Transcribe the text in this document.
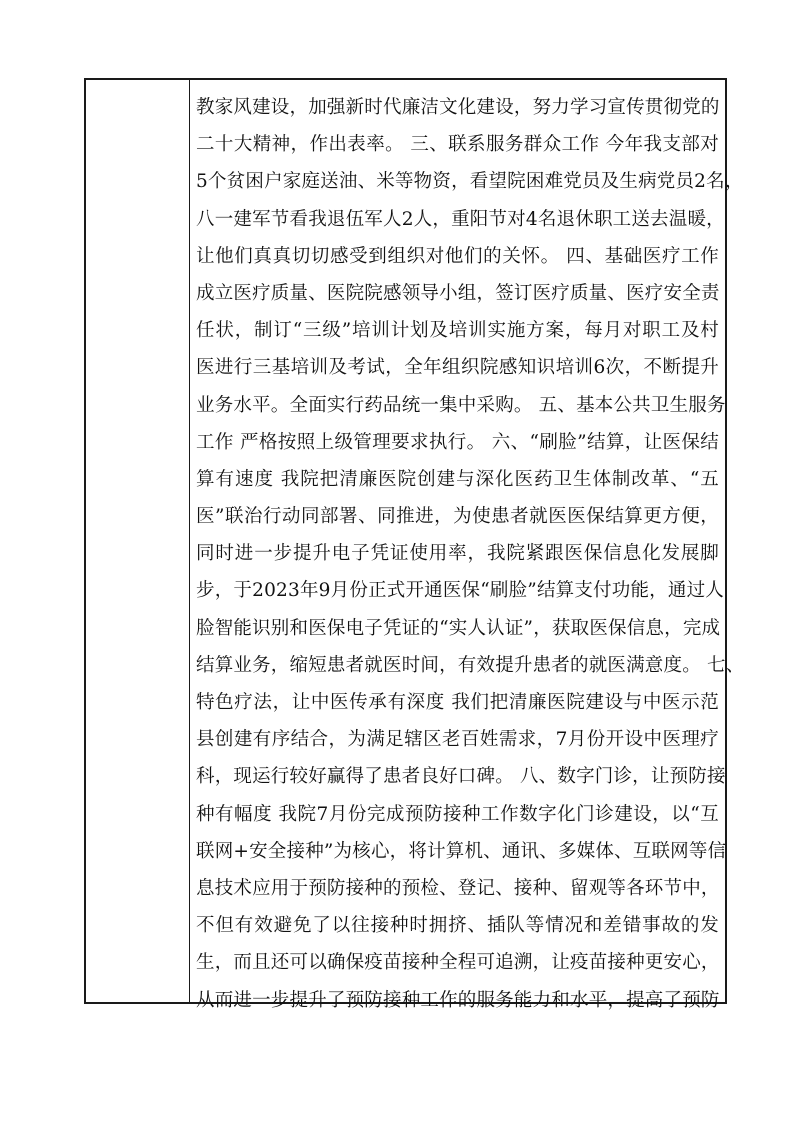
教家风建设，加强新时代廉洁文化建设，努力学习宣传贯彻党的
二十大精神，作出表率。 三、联系服务群众工作 今年我支部对
5个贫困户家庭送油、米等物资，看望院困难党员及生病党员2名，
八一建军节看我退伍军人2人，重阳节对4名退休职工送去温暖，
让他们真真切切感受到组织对他们的关怀。 四、基础医疗工作
成立医疗质量、医院院感领导小组，签订医疗质量、医疗安全责
任状，制订“三级”培训计划及培训实施方案，每月对职工及村
医进行三基培训及考试，全年组织院感知识培训6次，不断提升
业务水平。全面实行药品统一集中采购。 五、基本公共卫生服务
工作 严格按照上级管理要求执行。 六、“刷脸”结算，让医保结
算有速度 我院把清廉医院创建与深化医药卫生体制改革、“五
医”联治行动同部署、同推进，为使患者就医医保结算更方便，
同时进一步提升电子凭证使用率，我院紧跟医保信息化发展脚
步，于2023年9月份正式开通医保“刷脸”结算支付功能，通过人
脸智能识别和医保电子凭证的“实人认证”，获取医保信息，完成
结算业务，缩短患者就医时间，有效提升患者的就医满意度。 七、
特色疗法，让中医传承有深度 我们把清廉医院建设与中医示范
县创建有序结合，为满足辖区老百姓需求，7月份开设中医理疗
科，现运行较好赢得了患者良好口碑。 八、数字门诊，让预防接
种有幅度 我院7月份完成预防接种工作数字化门诊建设，以“互
联网+安全接种”为核心，将计算机、通讯、多媒体、互联网等信
息技术应用于预防接种的预检、登记、接种、留观等各环节中，
不但有效避免了以往接种时拥挤、插队等情况和差错事故的发
生，而且还可以确保疫苗接种全程可追溯，让疫苗接种更安心，
从而进一步提升了预防接种工作的服务能力和水平，提高了预防
